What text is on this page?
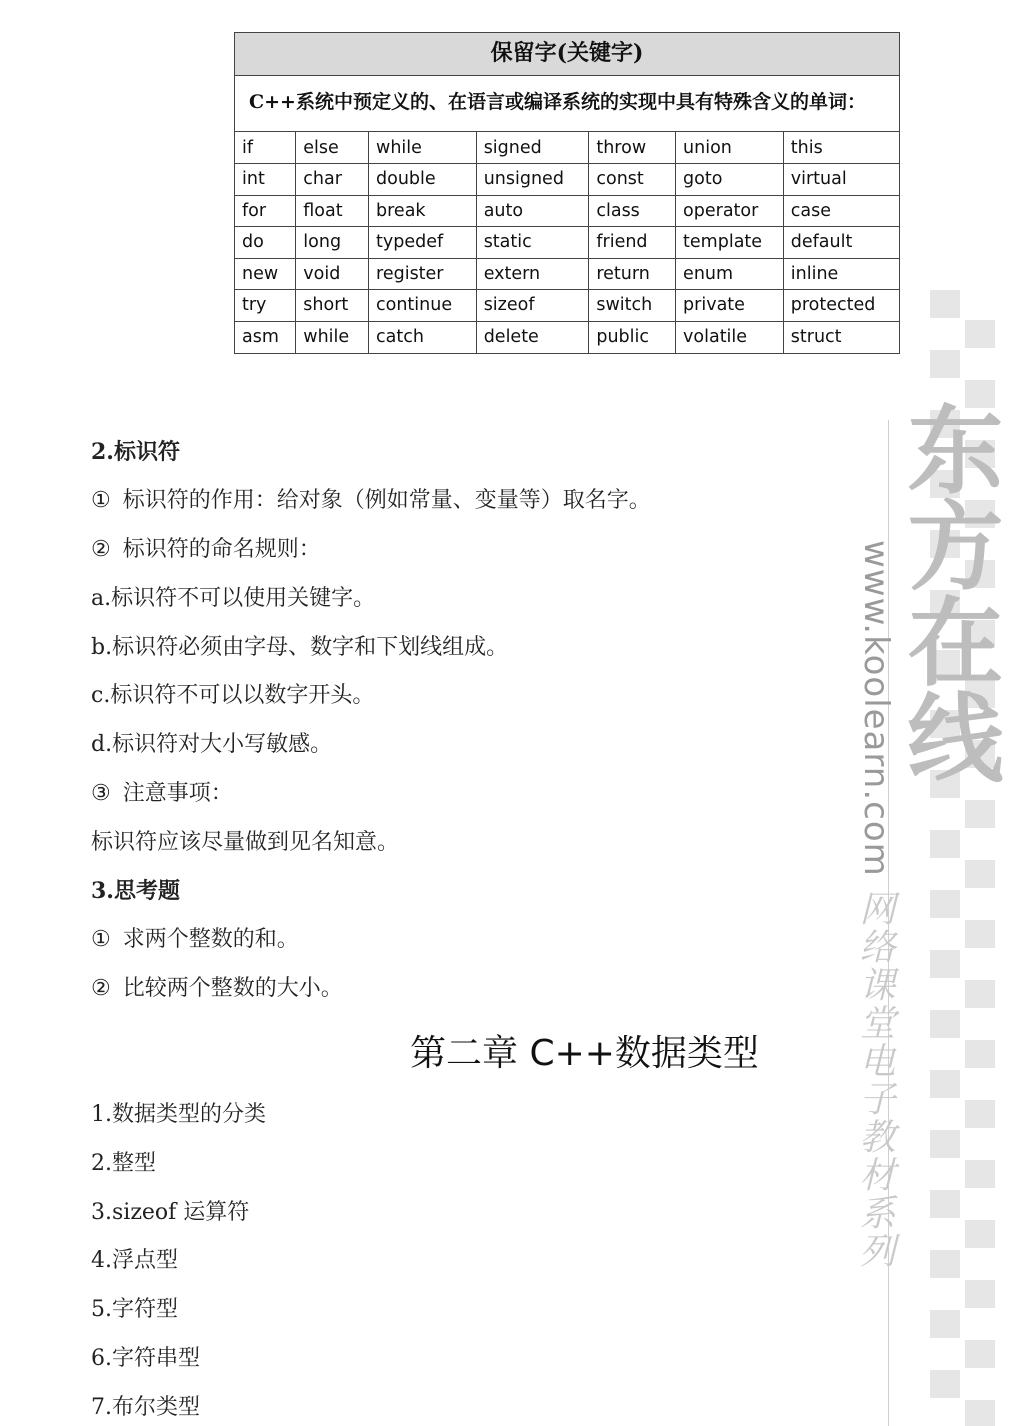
保留字(关键字)
C++系统中预定义的、在语言或编译系统的实现中具有特殊含义的单词：
if	else	while	signed	throw	union	this
int	char	double	unsigned	const	goto	virtual
for	float	break	auto	class	operator	case
do	long	typedef	static	friend	template	default
new	void	register	extern	return	enum	inline
try	short	continue	sizeof	switch	private	protected
asm	while	catch	delete	public	volatile	struct
2.标识符
① 标识符的作用：给对象（例如常量、变量等）取名字。
② 标识符的命名规则：
a.标识符不可以使用关键字。
b.标识符必须由字母、数字和下划线组成。
c.标识符不可以以数字开头。
d.标识符对大小写敏感。
③ 注意事项：
标识符应该尽量做到见名知意。
3.思考题
① 求两个整数的和。
② 比较两个整数的大小。
第二章 C++数据类型
1.数据类型的分类
2.整型
3.sizeof 运算符
4.浮点型
5.字符型
6.字符串型
7.布尔类型
东方在线
www.koolearn.com
网络课堂电子教材系列
